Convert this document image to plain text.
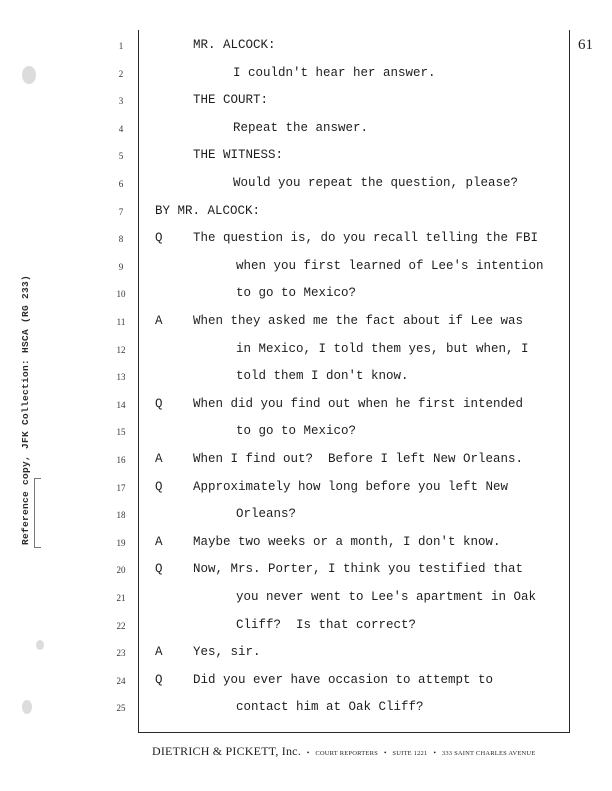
Reference copy, JFK Collection: HSCA (RG 233)
61
1	MR. ALCOCK:
2	I couldn't hear her answer.
3	THE COURT:
4	Repeat the answer.
5	THE WITNESS:
6	Would you repeat the question, please?
7	BY MR. ALCOCK:
8	Q The question is, do you recall telling the FBI
9	when you first learned of Lee's intention
10	to go to Mexico?
11	A When they asked me the fact about if Lee was
12	in Mexico, I told them yes, but when, I
13	told them I don't know.
14	Q When did you find out when he first intended
15	to go to Mexico?
16	A When I find out?  Before I left New Orleans.
17	Q Approximately how long before you left New
18	Orleans?
19	A Maybe two weeks or a month, I don't know.
20	Q Now, Mrs. Porter, I think you testified that
21	you never went to Lee's apartment in Oak
22	Cliff?  Is that correct?
23	A Yes, sir.
24	Q Did you ever have occasion to attempt to
25	contact him at Oak Cliff?
DIETRICH & PICKETT, Inc. • COURT REPORTERS • SUITE 1221 • 333 SAINT CHARLES AVENUE
